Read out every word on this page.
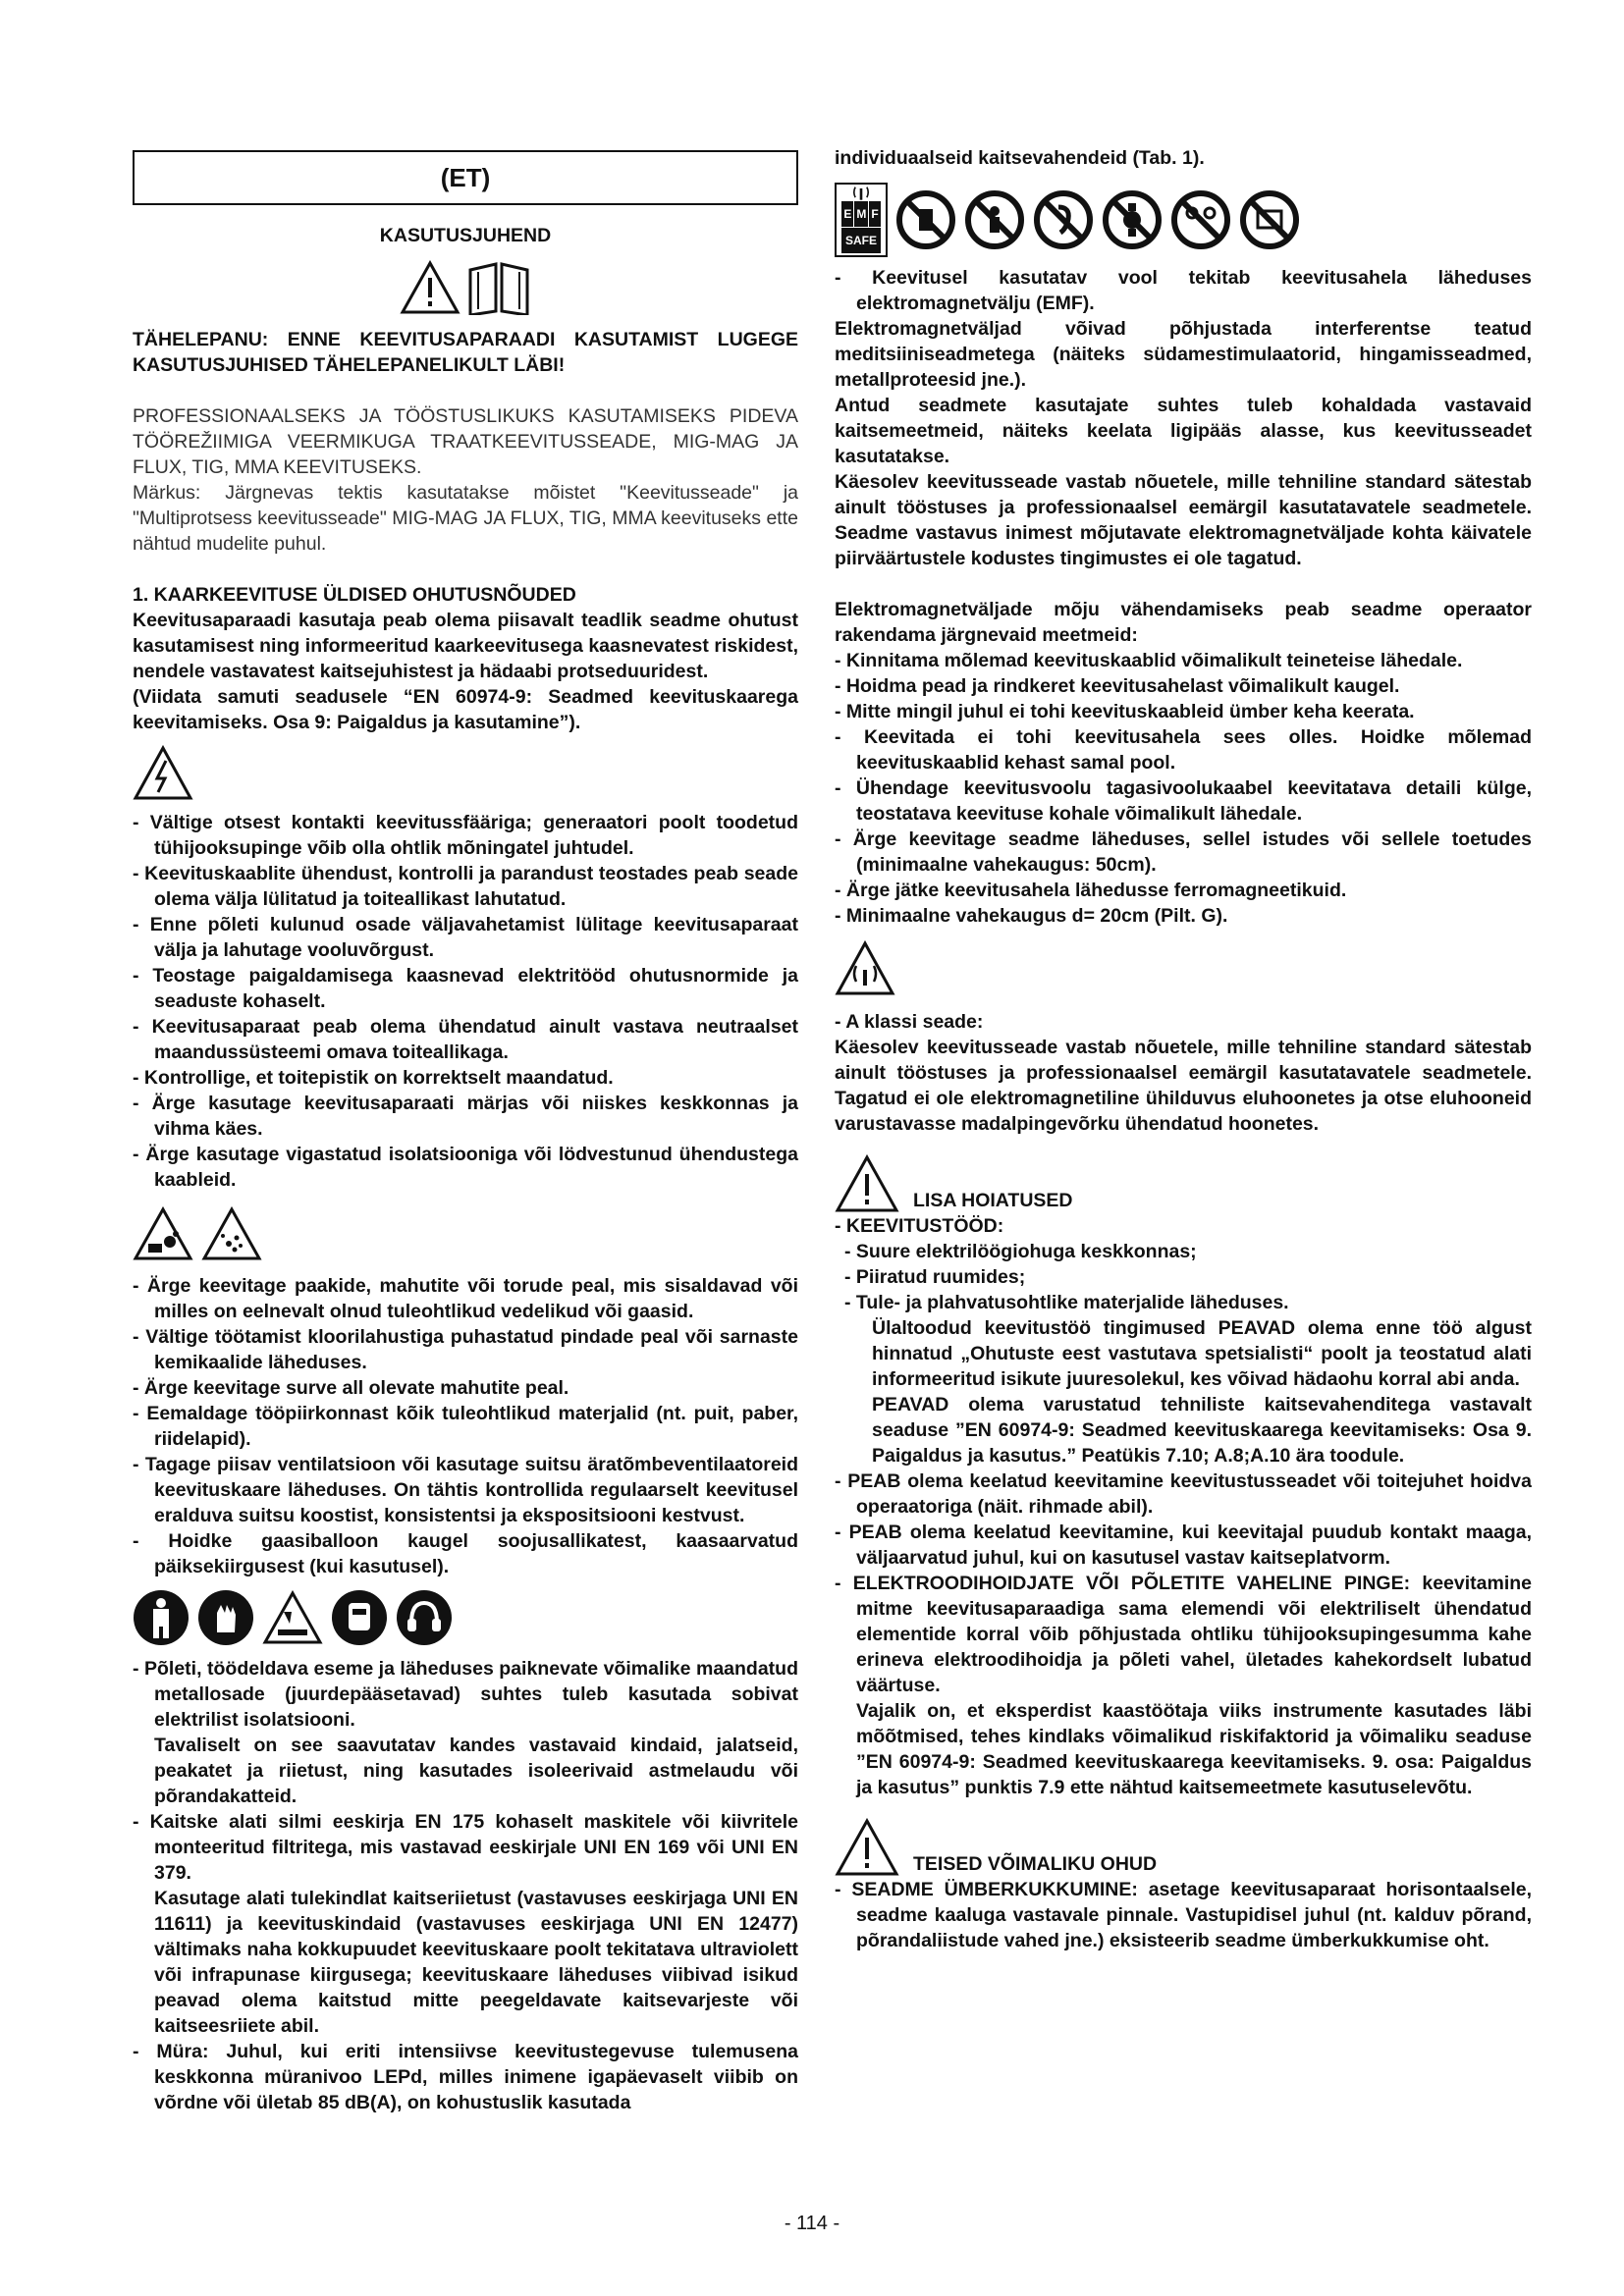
(ET)
KASUTUSJUHEND

TÄHELEPANU: ENNE KEEVITUSAPARAADI KASUTAMIST LUGEGE KASUTUSJUHISED TÄHELEPANELIKULT LÄBI!

PROFESSIONAALSEKS JA TÖÖSTUSLIKUKS KASUTAMISEKS PIDEVA TÖÖREŽIIMIGA VEERMIKUGA TRAATKEEVITUSSEADE, MIG-MAG JA FLUX, TIG, MMA KEEVITUSEKS.

Märkus: Järgnevas tektis kasutatakse mõistet "Keevitusseade" ja "Multiprotsess keevitusseade" MIG-MAG JA FLUX, TIG, MMA keevituseks ette nähtud mudelite puhul.

1. KAARKEEVITUSE ÜLDISED OHUTUSNÕUDED

Keevitusaparaadi kasutaja peab olema piisavalt teadlik seadme ohutust kasutamisest ning informeeritud kaarkeevitusega kaasnevatest riskidest, nendele vastavatest kaitsejuhistest ja hädaabi protseduuridest.

(Viidata samuti seadusele “EN 60974-9: Seadmed keevituskaarega keevitamiseks. Osa 9: Paigaldus ja kasutamine”).

- Vältige otsest kontakti keevitussfääriga; generaatori poolt toodetud tühijooksupinge võib olla ohtlik mõningatel juhtudel.

- Keevituskaablite ühendust, kontrolli ja parandust teostades peab seade olema välja lülitatud ja toiteallikast lahutatud.

- Enne põleti kulunud osade väljavahetamist lülitage keevitusaparaat välja ja lahutage vooluvõrgust.

- Teostage paigaldamisega kaasnevad elektritööd ohutusnormide ja seaduste kohaselt.

- Keevitusaparaat peab olema ühendatud ainult vastava neutraalset maandussüsteemi omava toiteallikaga.

- Kontrollige, et toitepistik on korrektselt maandatud.

- Ärge kasutage keevitusaparaati märjas või niiskes keskkonnas ja vihma käes.

- Ärge kasutage vigastatud isolatsiooniga või lödvestunud ühendustega kaableid.

- Ärge keevitage paakide, mahutite või torude peal, mis sisaldavad või milles on eelnevalt olnud tuleohtlikud vedelikud või gaasid.

- Vältige töötamist kloorilahustiga puhastatud pindade peal või sarnaste kemikaalide läheduses.

- Ärge keevitage surve all olevate mahutite peal.

- Eemaldage tööpiirkonnast kõik tuleohtlikud materjalid (nt. puit, paber, riidelapid).

- Tagage piisav ventilatsioon või kasutage suitsu äratõmbeventilaatoreid keevituskaare läheduses. On tähtis kontrollida regulaarselt keevitusel eralduva suitsu koostist, konsistentsi ja ekspositsiooni kestvust.

- Hoidke gaasiballoon kaugel soojusallikatest, kaasaarvatud päiksekiirgusest (kui kasutusel).

- Põleti, töödeldava eseme ja läheduses paiknevate võimalike maandatud metallosade (juurdepääsetavad) suhtes tuleb kasutada sobivat elektrilist isolatsiooni.

Tavaliselt on see saavutatav kandes vastavaid kindaid, jalatseid, peakatet ja riietust, ning kasutades isoleerivaid astmelaudu või põrandakatteid.

- Kaitske alati silmi eeskirja EN 175 kohaselt maskitele või kiivritele monteeritud filtritega, mis vastavad eeskirjale UNI EN 169 või UNI EN 379.

Kasutage alati tulekindlat kaitseriietust (vastavuses eeskirjaga UNI EN 11611) ja keevituskindaid (vastavuses eeskirjaga UNI EN 12477) vältimaks naha kokkupuudet keevituskaare poolt tekitatava ultraviolett või infrapunase kiirgusega; keevituskaare läheduses viibivad isikud peavad olema kaitstud mitte peegeldavate kaitsevarjeste või kaitseesriiete abil.

- Müra: Juhul, kui eriti intensiivse keevitustegevuse tulemusena keskkonna müranivoo LEPd, milles inimene igapäevaselt viibib on võrdne või ületab 85 dB(A), on kohustuslik kasutada

individuaalseid kaitsevahendeid (Tab. 1).

E M F
SAFE

- Keevitusel kasutatav vool tekitab keevitusahela läheduses elektromagnetvälju (EMF).

Elektromagnetväljad võivad põhjustada interferentse teatud meditsiiniseadmetega (näiteks südamestimulaatorid, hingamisseadmed, metallproteesid jne.).

Antud seadmete kasutajate suhtes tuleb kohaldada vastavaid kaitsemeetmeid, näiteks keelata ligipääs alasse, kus keevitusseadet kasutatakse.

Käesolev keevitusseade vastab nõuetele, mille tehniline standard sätestab ainult tööstuses ja professionaalsel eemärgil kasutatavatele seadmetele. Seadme vastavus inimest mõjutavate elektromagnetväljade kohta käivatele piirväärtustele kodustes tingimustes ei ole tagatud.

Elektromagnetväljade mõju vähendamiseks peab seadme operaator rakendama järgnevaid meetmeid:

- Kinnitama mõlemad keevituskaablid võimalikult teineteise lähedale.

- Hoidma pead ja rindkeret keevitusahelast võimalikult kaugel.

- Mitte mingil juhul ei tohi keevituskaableid ümber keha keerata.

- Keevitada ei tohi keevitusahela sees olles. Hoidke mõlemad keevituskaablid kehast samal pool.

- Ühendage keevitusvoolu tagasivoolukaabel keevitatava detaili külge, teostatava keevituse kohale võimalikult lähedale.

- Ärge keevitage seadme läheduses, sellel istudes või sellele toetudes (minimaalne vahekaugus: 50cm).

- Ärge jätke keevitusahela lähedusse ferromagneetikuid.

- Minimaalne vahekaugus d= 20cm (Pilt. G).

- A klassi seade:

Käesolev keevitusseade vastab nõuetele, mille tehniline standard sätestab ainult tööstuses ja professionaalsel eemärgil kasutatavatele seadmetele. Tagatud ei ole elektromagnetiline ühilduvus eluhoonetes ja otse eluhooneid varustavasse madalpingevõrku ühendatud hoonetes.

LISA HOIATUSED

- KEEVITUSTÖÖD:

- Suure elektrilöögiohuga keskkonnas;

- Piiratud ruumides;

- Tule- ja plahvatusohtlike materjalide läheduses.

Ülaltoodud keevitustöö tingimused PEAVAD olema enne töö algust hinnatud „Ohutuste eest vastutava spetsialisti“ poolt ja teostatud alati informeeritud isikute juuresolekul, kes võivad hädaohu korral abi anda.

PEAVAD olema varustatud tehniliste kaitsevahenditega vastavalt seaduse ”EN 60974-9: Seadmed keevituskaarega keevitamiseks: Osa 9. Paigaldus ja kasutus.” Peatükis 7.10; A.8;A.10 ära toodule.

- PEAB olema keelatud keevitamine keevitustusseadet või toitejuhet hoidva operaatoriga (näit. rihmade abil).

- PEAB olema keelatud keevitamine, kui keevitajal puudub kontakt maaga, väljaarvatud juhul, kui on kasutusel vastav kaitseplatvorm.

- ELEKTROODIHOIDJATE VÕI PÕLETITE VAHELINE PINGE: keevitamine mitme keevitusaparaadiga sama elemendi või elektriliselt ühendatud elementide korral võib põhjustada ohtliku tühijooksupingesumma kahe erineva elektroodihoidja ja põleti vahel, ületades kahekordselt lubatud väärtuse.

Vajalik on, et eksperdist kaastöötaja viiks instrumente kasutades läbi mõõtmised, tehes kindlaks võimalikud riskifaktorid ja võimaliku seaduse ”EN 60974-9: Seadmed keevituskaarega keevitamiseks. 9. osa: Paigaldus ja kasutus” punktis 7.9 ette nähtud kaitsemeetmete kasutuselevõtu.

TEISED VÕIMALIKU OHUD

- SEADME ÜMBERKUKKUMINE: asetage keevitusaparaat horisontaalsele, seadme kaaluga vastavale pinnale. Vastupidisel juhul (nt. kalduv põrand, põrandaliistude vahed jne.) eksisteerib seadme ümberkukkumise oht.

- 114 -
